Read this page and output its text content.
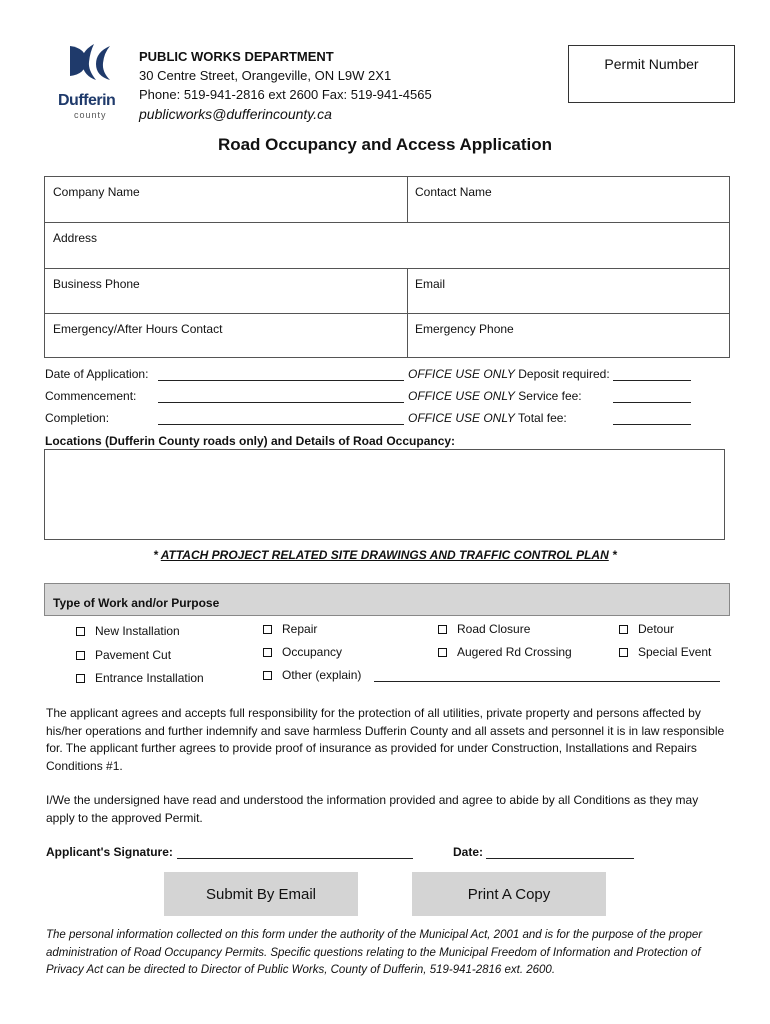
Dufferin
county
PUBLIC WORKS DEPARTMENT
30 Centre Street, Orangeville, ON L9W 2X1
Phone: 519-941-2816 ext 2600 Fax: 519-941-4565
publicworks@dufferincounty.ca
Permit Number
Road Occupancy and Access Application
Company Name	Contact Name
Address
Business Phone	Email
Emergency/After Hours Contact	Emergency Phone
Date of Application:	OFFICE USE ONLY Deposit required:
Commencement:	OFFICE USE ONLY Service fee:
Completion:	OFFICE USE ONLY Total fee:
Locations (Dufferin County roads only) and Details of Road Occupancy:
* ATTACH PROJECT RELATED SITE DRAWINGS AND TRAFFIC CONTROL PLAN *
Type of Work and/or Purpose
New Installation
Pavement Cut
Entrance Installation
Repair
Occupancy
Other (explain)
Road Closure
Augered Rd Crossing
Detour
Special Event
The applicant agrees and accepts full responsibility for the protection of all utilities, private property and persons affected by his/her operations and further indemnify and save harmless Dufferin County and all assets and personnel it is in law responsible for. The applicant further agrees to provide proof of insurance as provided for under Construction, Installations and Repairs Conditions #1.
I/We the undersigned have read and understood the information provided and agree to abide by all Conditions as they may apply to the approved Permit.
Applicant's Signature:	Date:
Submit By Email	Print A Copy
The personal information collected on this form under the authority of the Municipal Act, 2001 and is for the purpose of the proper administration of Road Occupancy Permits. Specific questions relating to the Municipal Freedom of Information and Protection of Privacy Act can be directed to Director of Public Works, County of Dufferin, 519-941-2816 ext. 2600.
